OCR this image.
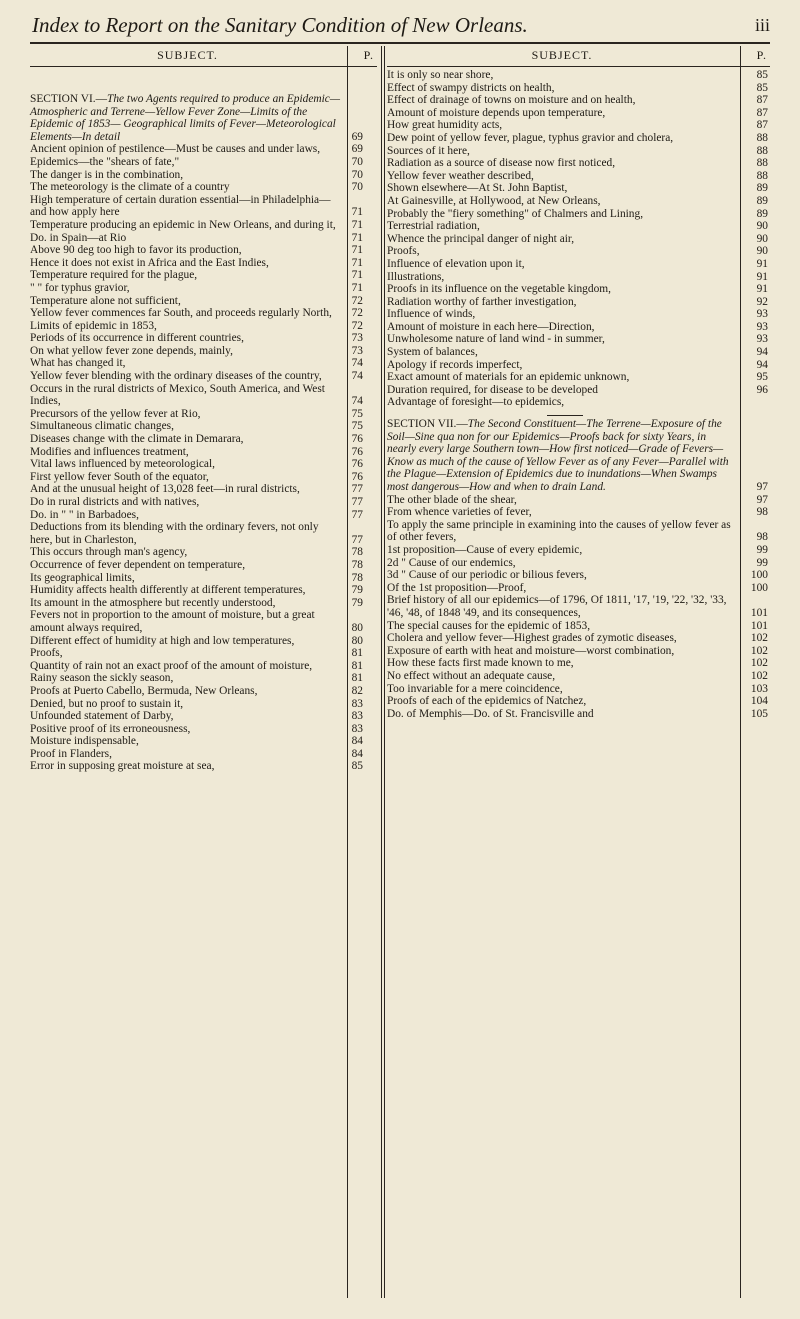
Index to Report on the Sanitary Condition of New Orleans.	iii
SUBJECT.	P.
SECTION VI.—The two Agents required to produce an Epidemic—Atmospheric and Terrene—Yellow Fever Zone—Limits of the Epidemic of 1853— Geographical limits of Fever—Meteorological Elements—In detail	69
Ancient opinion of pestilence—Must be causes and under laws,	69
Epidemics—the "shears of fate,"	70
The danger is in the combination,	70
The meteorology is the climate of a country	70
High temperature of certain duration essential—in Philadelphia—and how apply here	71
Temperature producing an epidemic in New Orleans, and during it,	71
Do. in Spain—at Rio	71
Above 90 deg too high to favor its production,	71
Hence it does not exist in Africa and the East Indies,	71
Temperature required for the plague,	71
" " for typhus gravior,	71
Temperature alone not sufficient,	72
Yellow fever commences far South, and proceeds regularly North,	72
Limits of epidemic in 1853,	72
Periods of its occurrence in different countries,	73
On what yellow fever zone depends, mainly,	73
What has changed it,	74
Yellow fever blending with the ordinary diseases of the country,	74
Occurs in the rural districts of Mexico, South America, and West Indies,	74
Precursors of the yellow fever at Rio,	75
Simultaneous climatic changes,	75
Diseases change with the climate in Demarara,	76
Modifies and influences treatment,	76
Vital laws influenced by meteorological,	76
First yellow fever South of the equator,	76
And at the unusual height of 13,028 feet—in rural districts,	77
Do in rural districts and with natives,	77
Do. in " " in Barbadoes,	77
Deductions from its blending with the ordinary fevers, not only here, but in Charleston,	77
This occurs through man's agency,	78
Occurrence of fever dependent on temperature,	78
Its geographical limits,	78
Humidity affects health differently at different temperatures,	79
Its amount in the atmosphere but recently understood,	79
Fevers not in proportion to the amount of moisture, but a great amount always required,	80
Different effect of humidity at high and low temperatures,	80
Proofs,	81
Quantity of rain not an exact proof of the amount of moisture,	81
Rainy season the sickly season,	81
Proofs at Puerto Cabello, Bermuda, New Orleans,	82
Denied, but no proof to sustain it,	83
Unfounded statement of Darby,	83
Positive proof of its erroneousness,	83
Moisture indispensable,	84
Proof in Flanders,	84
Error in supposing great moisture at sea,	85
SUBJECT.	P.
It is only so near shore,	85
Effect of swampy districts on health,	85
Effect of drainage of towns on moisture and on health,	87
Amount of moisture depends upon temperature,	87
How great humidity acts,	87
Dew point of yellow fever, plague, typhus gravior and cholera,	88
Sources of it here,	88
Radiation as a source of disease now first noticed,	88
Yellow fever weather described,	88
Shown elsewhere—At St. John Baptist,	89
At Gainesville, at Hollywood, at New Orleans,	89
Probably the "fiery something" of Chalmers and Lining,	89
Terrestrial radiation,	90
Whence the principal danger of night air,	90
Proofs,	90
Influence of elevation upon it,	91
Illustrations,	91
Proofs in its influence on the vegetable kingdom,	91
Radiation worthy of farther investigation,	92
Influence of winds,	93
Amount of moisture in each here—Direction,	93
Unwholesome nature of land wind - in summer,	93
System of balances,	94
Apology if records imperfect,	94
Exact amount of materials for an epidemic unknown,	95
Duration required, for disease to be developed	96
Advantage of foresight—to epidemics,
SECTION VII.—The Second Constituent—The Terrene—Exposure of the Soil—Sine qua non for our Epidemics—Proofs back for sixty Years, in nearly every large Southern town—How first noticed—Grade of Fevers—Know as much of the cause of Yellow Fever as of any Fever—Parallel with the Plague—Extension of Epidemics due to inundations—When Swamps most dangerous—How and when to drain Land.	97
The other blade of the shear,	97
From whence varieties of fever,	98
To apply the same principle in examining into the causes of yellow fever as of other fevers,	98
1st proposition—Cause of every epidemic,	99
2d " Cause of our endemics,	99
3d " Cause of our periodic or bilious fevers,	100
Of the 1st proposition—Proof,	100
Brief history of all our epidemics—of 1796, Of 1811, '17, '19, '22, '32, '33, '46, '48, of 1848 '49, and its consequences,	101
The special causes for the epidemic of 1853,	101
Cholera and yellow fever—Highest grades of zymotic diseases,	102
Exposure of earth with heat and moisture—worst combination,	102
How these facts first made known to me,	102
No effect without an adequate cause,	102
Too invariable for a mere coincidence,	103
Proofs of each of the epidemics of Natchez,	104
Do. of Memphis—Do. of St. Francisville and	105
